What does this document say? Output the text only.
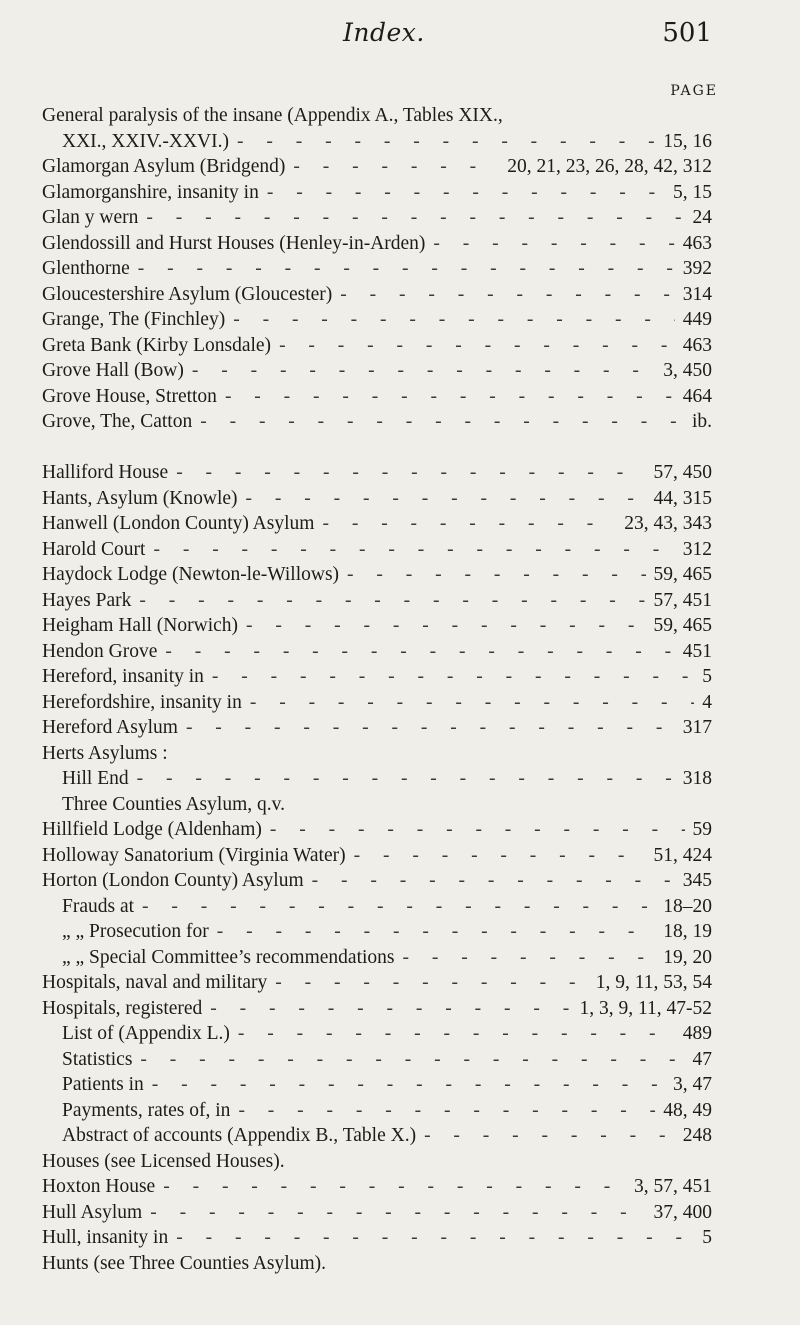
Index.	501
PAGE
General paralysis of the insane (Appendix A., Tables XIX.,
XXI., XXIV.-XXVI.) - - -	15, 16
Glamorgan Asylum (Bridgend) - - -	20, 21, 23, 26, 28, 42, 312
Glamorganshire, insanity in - - -	5, 15
Glan y wern - - -	24
Glendossill and Hurst Houses (Henley-in-Arden) - - -	463
Glenthorne - - -	392
Gloucestershire Asylum (Gloucester) - - -	314
Grange, The (Finchley) - - -	449
Greta Bank (Kirby Lonsdale) - - -	463
Grove Hall (Bow) - - -	3, 450
Grove House, Stretton - - -	464
Grove, The, Catton - - -	ib.
Halliford House - - -	57, 450
Hants, Asylum (Knowle) - - -	44, 315
Hanwell (London County) Asylum - - -	23, 43, 343
Harold Court - - -	312
Haydock Lodge (Newton-le-Willows) - - -	59, 465
Hayes Park - - -	57, 451
Heigham Hall (Norwich) - - -	59, 465
Hendon Grove - - -	451
Hereford, insanity in - - -	5
Herefordshire, insanity in - - -	4
Hereford Asylum - - -	317
Herts Asylums :
Hill End - - -	318
Three Counties Asylum, q.v.
Hillfield Lodge (Aldenham) - - -	59
Holloway Sanatorium (Virginia Water) - - -	51, 424
Horton (London County) Asylum - - -	345
Frauds at - - -	18–20
„ „ Prosecution for - - -	18, 19
„ „ Special Committee’s recommendations - - -	19, 20
Hospitals, naval and military - - -	1, 9, 11, 53, 54
Hospitals, registered - - -	1, 3, 9, 11, 47-52
List of (Appendix L.) - - -	489
Statistics - - -	47
Patients in - - -	3, 47
Payments, rates of, in - - -	48, 49
Abstract of accounts (Appendix B., Table X.) - - -	248
Houses (see Licensed Houses).
Hoxton House - - -	3, 57, 451
Hull Asylum - - -	37, 400
Hull, insanity in - - -	5
Hunts (see Three Counties Asylum).
